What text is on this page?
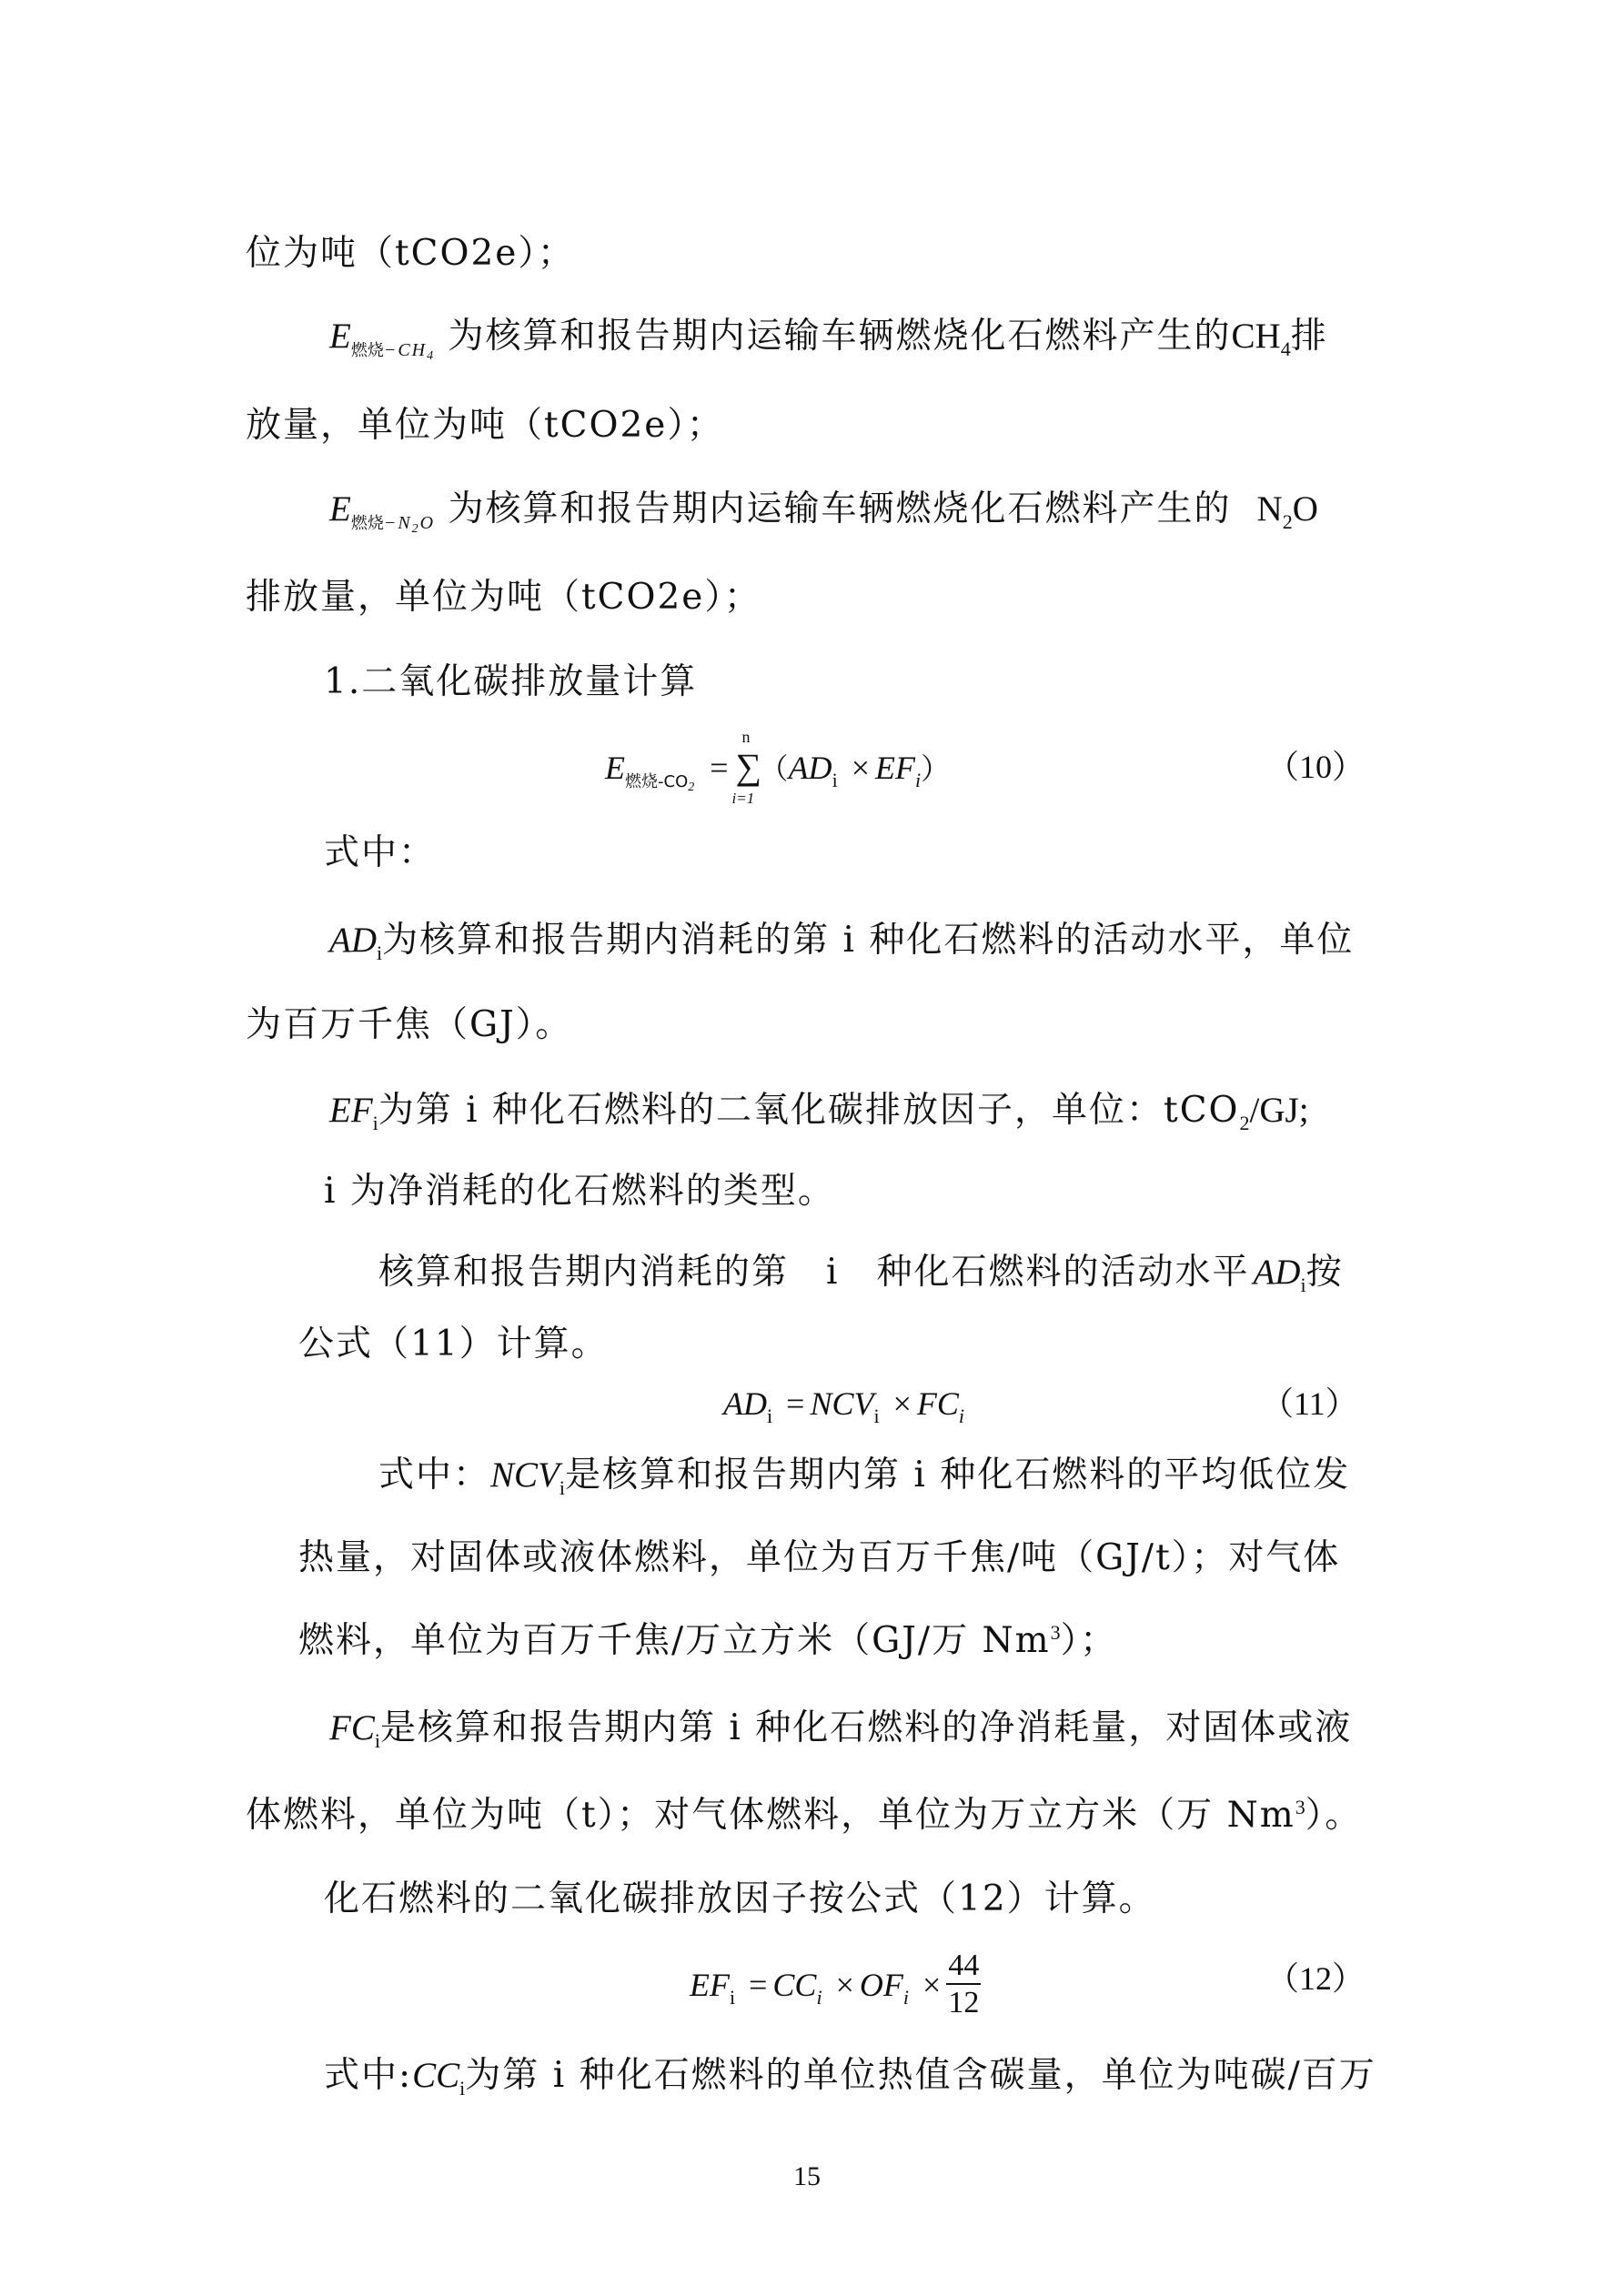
位为吨（tCO2e）；
$E_{燃烧-CH4}$ 为核算和报告期内运输车辆燃烧化石燃料产生的$CH_4$排
放量，单位为吨（tCO2e）；
$E_{燃烧-N2O}$ 为核算和报告期内运输车辆燃烧化石燃料产生的 $N_2O$
排放量，单位为吨（tCO2e）；
1.二氧化碳排放量计算
$E_{燃烧-CO2}$ =
n
∑
i=1
$(AD_i \times EF_i)$	（10）
式中：
$AD_i$为核算和报告期内消耗的第 i 种化石燃料的活动水平，单位
为百万千焦（GJ）。
$EF_i$为第 i 种化石燃料的二氧化碳排放因子，单位：tCO$_2$/GJ;
i 为净消耗的化石燃料的类型。
核算和报告期内消耗的第　i　种化石燃料的活动水平 $AD_i$按
公式（11）计算。
$AD_i = NCV_i \times FC_i$	（11）
式中：$NCV_i$是核算和报告期内第 i 种化石燃料的平均低位发
热量，对固体或液体燃料，单位为百万千焦/吨（GJ/t）；对气体
燃料，单位为百万千焦/万立方米（GJ/万 Nm$^3$）；
$FC_i$是核算和报告期内第 i 种化石燃料的净消耗量，对固体或液
体燃料，单位为吨（t）；对气体燃料，单位为万立方米（万 Nm$^3$）。
化石燃料的二氧化碳排放因子按公式（12）计算。
$EF_i = CC_i \times OF_i \times \frac{44}{12}$	（12）
式中$:CC_i$为第 i 种化石燃料的单位热值含碳量，单位为吨碳/百万
15
